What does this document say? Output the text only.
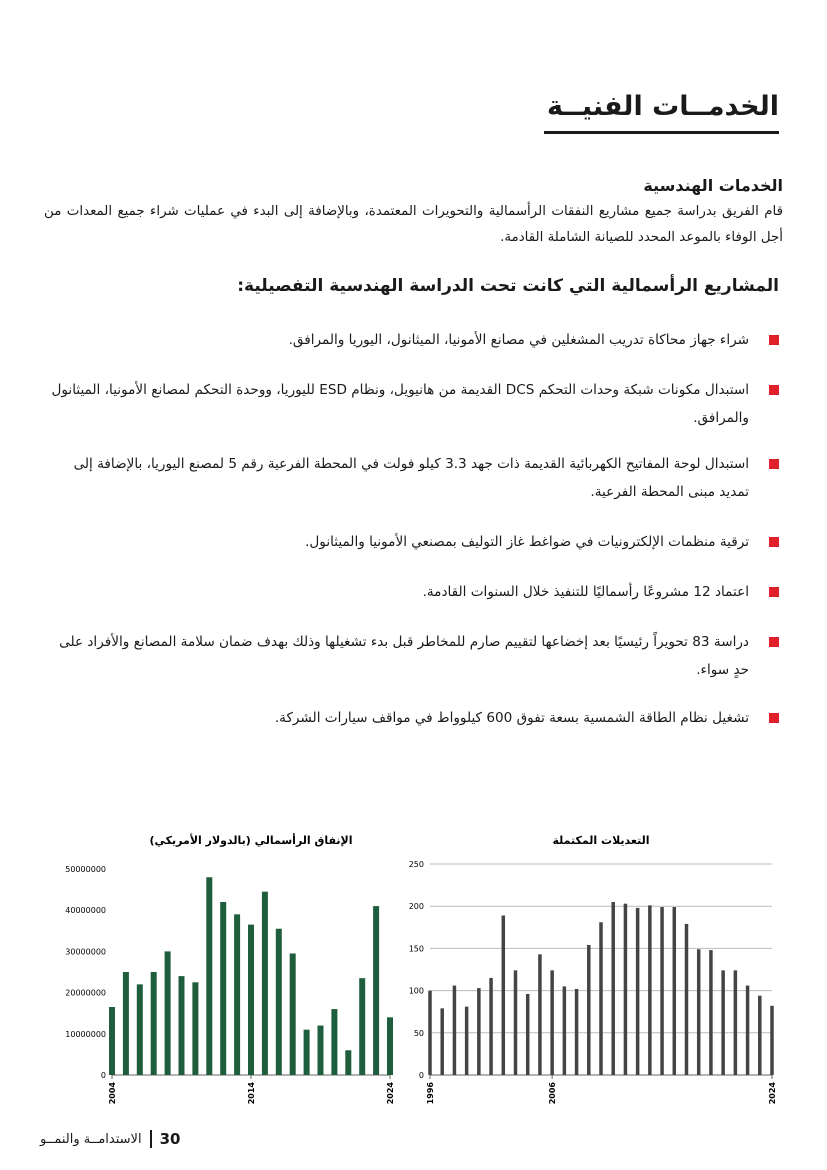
الخدمــات الفنيــة
الخدمات الهندسية

قام الفريق بدراسة جميع مشاريع النفقات الرأسمالية والتحويرات المعتمدة، وبالإضافة إلى البدء في عمليات شراء جميع المعدات من أجل الوفاء بالموعد المحدد للصيانة الشاملة القادمة.

المشاريع الرأسمالية التي كانت تحت الدراسة الهندسية التفصيلية:
شراء جهاز محاكاة تدريب المشغلين في مصانع الأمونيا، الميثانول، اليوريا والمرافق.
استبدال مكونات شبكة وحدات التحكم DCS القديمة من هانيويل، ونظام ESD لليوريا، ووحدة التحكم لمصانع الأمونيا، الميثانول والمرافق.
استبدال لوحة المفاتيح الكهربائية القديمة ذات جهد 3.3 كيلو فولت في المحطة الفرعية رقم 5 لمصنع اليوريا، بالإضافة إلى تمديد مبنى المحطة الفرعية.
ترقية منظمات الإلكترونيات في ضواغط غاز التوليف بمصنعي الأمونيا والميثانول.
اعتماد 12 مشروعًا رأسماليًا للتنفيذ خلال السنوات القادمة.
دراسة 83 تحويراً رئيسيًا بعد إخضاعها لتقييم صارم للمخاطر قبل بدء تشغيلها وذلك بهدف ضمان سلامة المصانع والأفراد على حدٍ سواء.
تشغيل نظام الطاقة الشمسية بسعة تفوق 600 كيلوواط في مواقف سيارات الشركة.
الإنفاق الرأسمالي (بالدولار الأمريكي)
0
10000000
20000000
30000000
40000000
50000000
2004	2014	2024
التعديلات المكتملة
0
50
100
150
200
250
1996	2006	2024
30
الاستدامــة والنمــو
